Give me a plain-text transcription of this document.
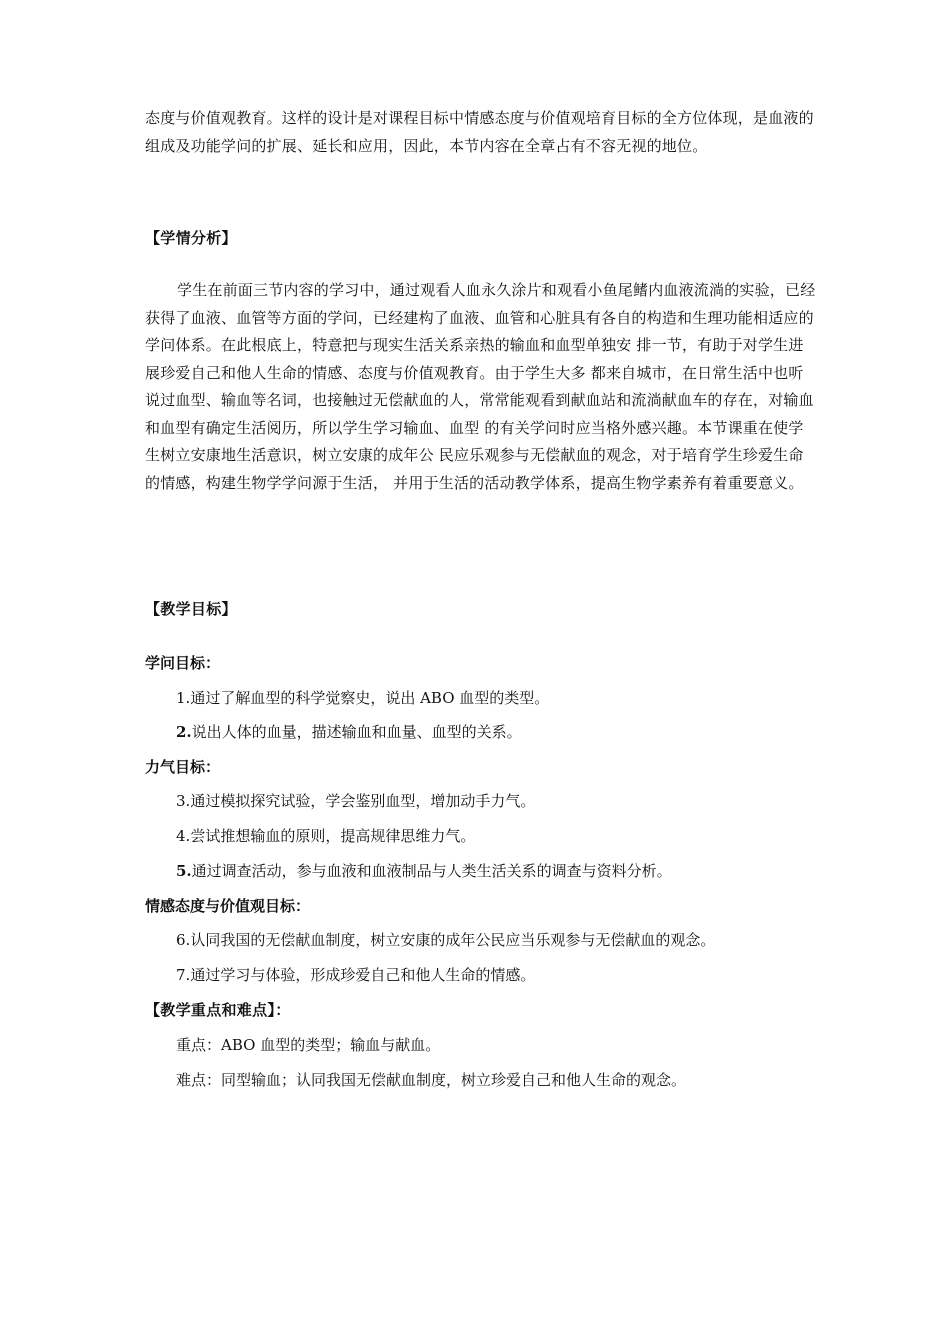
态度与价值观教育。这样的设计是对课程目标中情感态度与价值观培育目标的全方位体现，是血液的组成及功能学问的扩展、延长和应用，因此，本节内容在全章占有不容无视的地位。

【学情分析】

学生在前面三节内容的学习中，通过观看人血永久涂片和观看小鱼尾鳍内血液流淌的实验，已经获得了血液、血管等方面的学问，已经建构了血液、血管和心脏具有各自的构造和生理功能相适应的学问体系。在此根底上，特意把与现实生活关系亲热的输血和血型单独安 排一节，有助于对学生进展珍爱自己和他人生命的情感、态度与价值观教育。由于学生大多 都来自城市，在日常生活中也听说过血型、输血等名词，也接触过无偿献血的人，常常能观看到献血站和流淌献血车的存在，对输血和血型有确定生活阅历，所以学生学习输血、血型 的有关学问时应当格外感兴趣。本节课重在使学生树立安康地生活意识，树立安康的成年公 民应乐观参与无偿献血的观念，对于培育学生珍爱生命的情感，构建生物学学问源于生活， 并用于生活的活动教学体系，提高生物学素养有着重要意义。

【教学目标】

学问目标：

1.通过了解血型的科学觉察史，说出 ABO 血型的类型。

2.说出人体的血量，描述输血和血量、血型的关系。

力气目标：

3.通过模拟探究试验，学会鉴别血型，增加动手力气。

4.尝试推想输血的原则，提高规律思维力气。

5.通过调查活动，参与血液和血液制品与人类生活关系的调查与资料分析。

情感态度与价值观目标：

6.认同我国的无偿献血制度，树立安康的成年公民应当乐观参与无偿献血的观念。

7.通过学习与体验，形成珍爱自己和他人生命的情感。

【教学重点和难点】：

重点：ABO 血型的类型；输血与献血。

难点：同型输血；认同我国无偿献血制度，树立珍爱自己和他人生命的观念。
